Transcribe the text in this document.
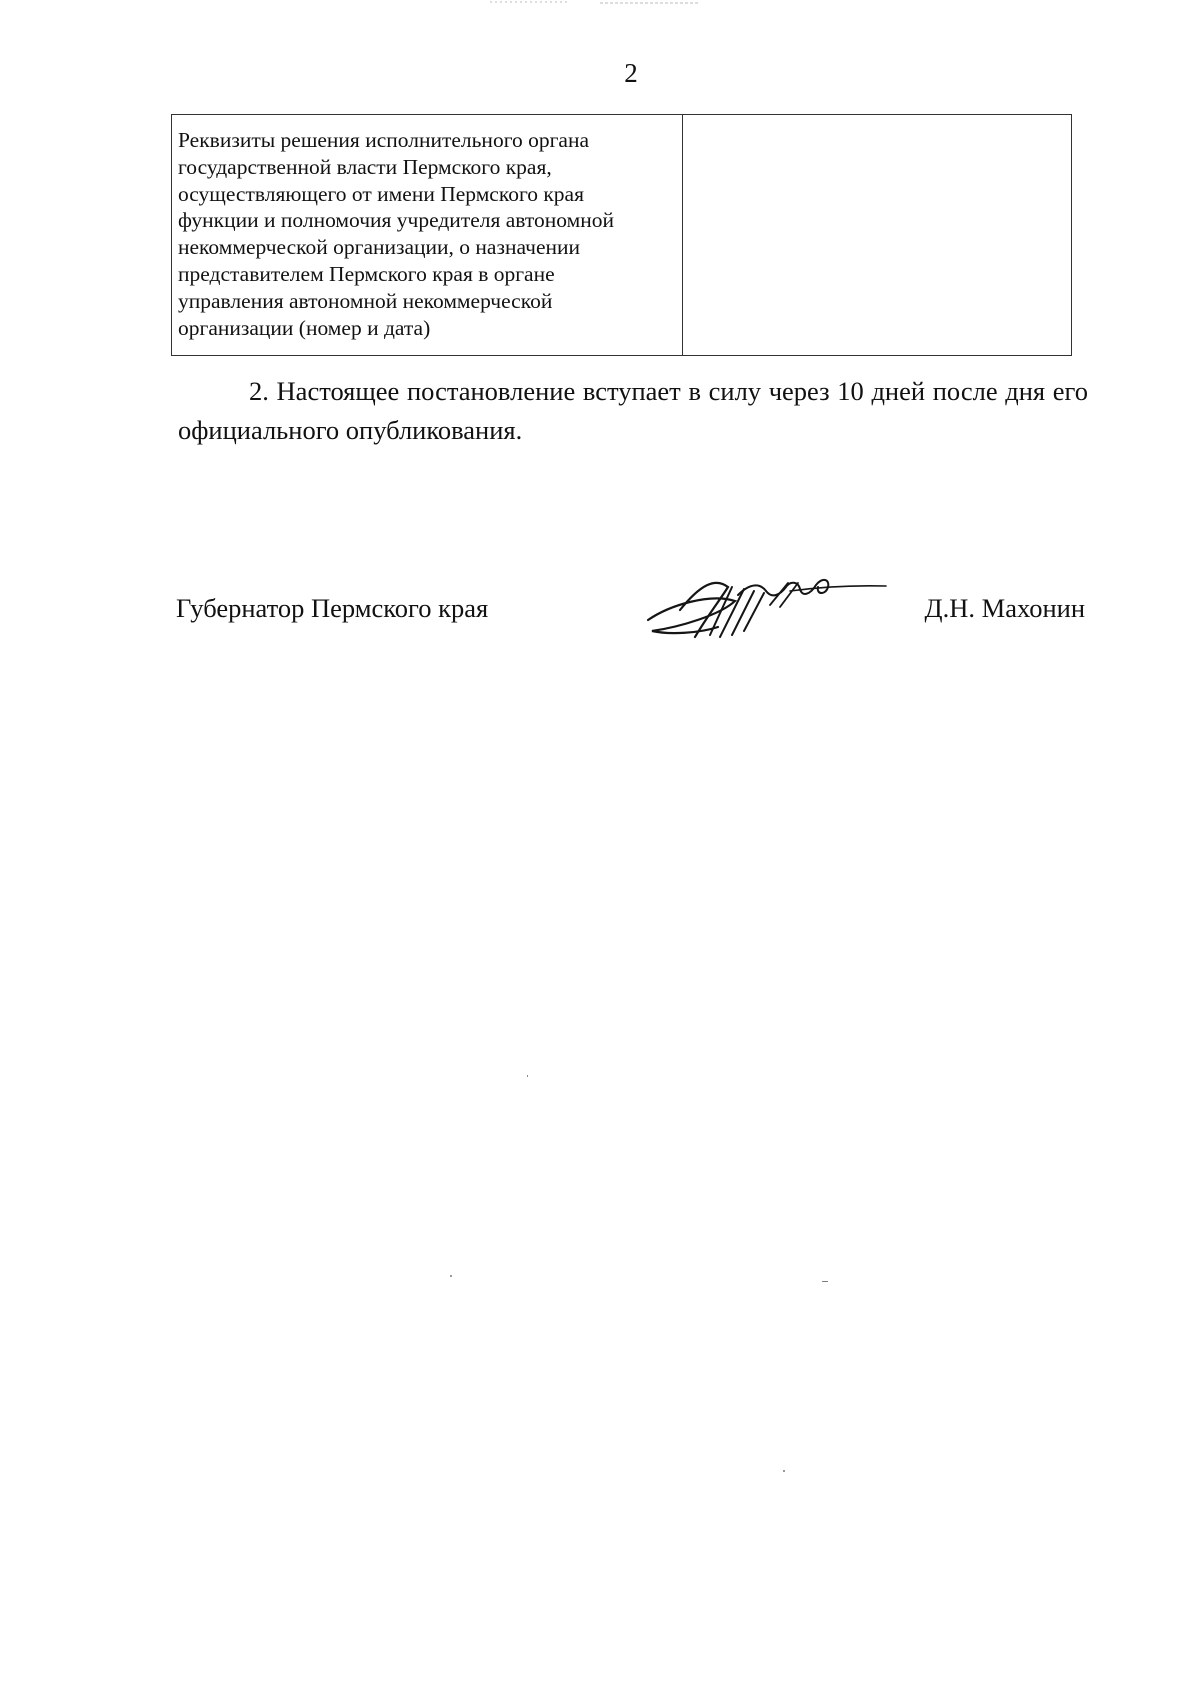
2
Реквизиты решения исполнительного органа
государственной власти Пермского края,
осуществляющего от имени Пермского края
функции и полномочия учредителя автономной
некоммерческой организации, о назначении
представителем Пермского края в органе
управления автономной некоммерческой
организации (номер и дата)
2. Настоящее постановление вступает в силу через 10 дней после дня его официального опубликования.
Губернатор Пермского края	Д.Н. Махонин
